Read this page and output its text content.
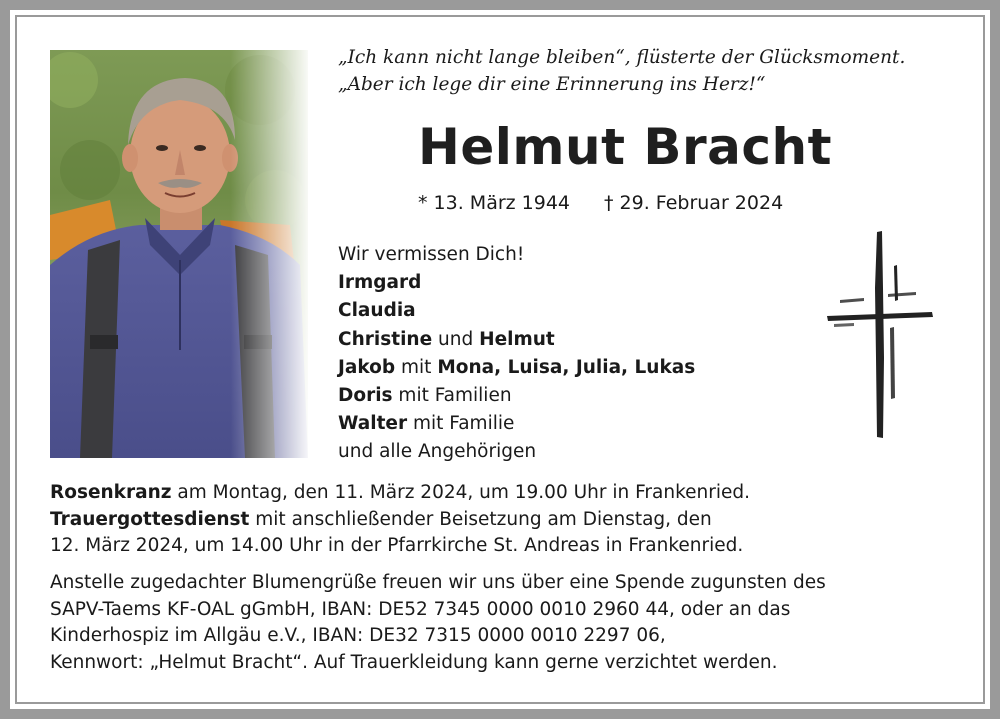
„Ich kann nicht lange bleiben“, flüsterte der Glücksmoment.
„Aber ich lege dir eine Erinnerung ins Herz!“
Helmut Bracht
* 13. März 1944 † 29. Februar 2024
Wir vermissen Dich!
Irmgard
Claudia
Christine und Helmut
Jakob mit Mona, Luisa, Julia, Lukas
Doris mit Familien
Walter mit Familie
und alle Angehörigen
Rosenkranz am Montag, den 11. März 2024, um 19.00 Uhr in Frankenried.
Trauergottesdienst mit anschließender Beisetzung am Dienstag, den
12. März 2024, um 14.00 Uhr in der Pfarrkirche St. Andreas in Frankenried.
Anstelle zugedachter Blumengrüße freuen wir uns über eine Spende zugunsten des
SAPV-Taems KF-OAL gGmbH, IBAN: DE52 7345 0000 0010 2960 44, oder an das
Kinderhospiz im Allgäu e.V., IBAN: DE32 7315 0000 0010 2297 06,
Kennwort: „Helmut Bracht“. Auf Trauerkleidung kann gerne verzichtet werden.
